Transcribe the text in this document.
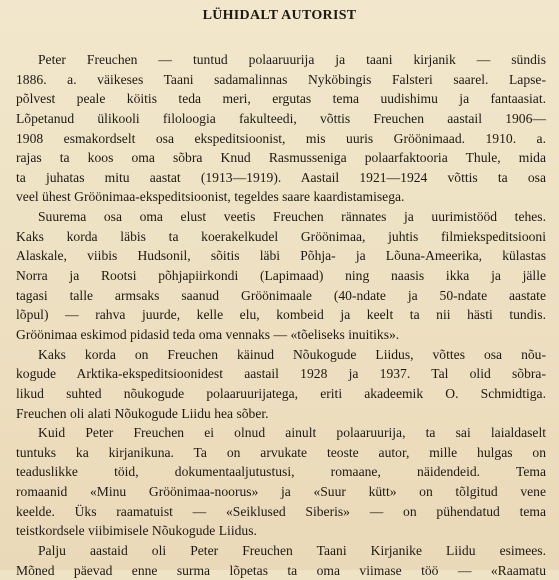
LÜHIDALT AUTORIST
Peter Freuchen — tuntud polaaruurija ja taani kirjanik — sündis
1886. a. väikeses Taani sadamalinnas Nyköbingis Falsteri saarel. Lapse-
põlvest peale köitis teda meri, ergutas tema uudishimu ja fantaasiat.
Lõpetanud ülikooli filoloogia fakulteedi, võttis Freuchen aastail 1906—
1908 esmakordselt osa ekspeditsioonist, mis uuris Gröönimaad. 1910. a.
rajas ta koos oma sõbra Knud Rasmusseniga polaarfaktooria Thule, mida
ta juhatas mitu aastat (1913—1919). Aastail 1921—1924 võttis ta osa
veel ühest Gröönimaa-ekspeditsioonist, tegeldes saare kaardistamisega.
Suurema osa oma elust veetis Freuchen rännates ja uurimistööd tehes.
Kaks korda läbis ta koerakelkudel Gröönimaa, juhtis filmiekspeditsiooni
Alaskale, viibis Hudsonil, sõitis läbi Põhja- ja Lõuna-Ameerika, külastas
Norra ja Rootsi põhjapiirkondi (Lapimaad) ning naasis ikka ja jälle
tagasi talle armsaks saanud Gröönimaale (40-ndate ja 50-ndate aastate
lõpul) — rahva juurde, kelle elu, kombeid ja keelt ta nii hästi tundis.
Gröönimaa eskimod pidasid teda oma vennaks — «tõeliseks inuitiks».
Kaks korda on Freuchen käinud Nõukogude Liidus, võttes osa nõu-
kogude Arktika-ekspeditsioonidest aastail 1928 ja 1937. Tal olid sõbra-
likud suhted nõukogude polaaruurijatega, eriti akadeemik O. Schmidtiga.
Freuchen oli alati Nõukogude Liidu hea sõber.
Kuid Peter Freuchen ei olnud ainult polaaruurija, ta sai laialdaselt
tuntuks ka kirjanikuna. Ta on arvukate teoste autor, mille hulgas on
teaduslikke töid, dokumentaaljutustusi, romaane, näidendeid. Tema
romaanid «Minu Gröönimaa-noorus» ja «Suur kütt» on tõlgitud vene
keelde. Üks raamatuist — «Seiklused Siberis» — on pühendatud tema
teistkordsele viibimisele Nõukogude Liidus.
Palju aastaid oli Peter Freuchen Taani Kirjanike Liidu esimees.
Mõned päevad enne surma lõpetas ta oma viimase töö — «Raamatu
